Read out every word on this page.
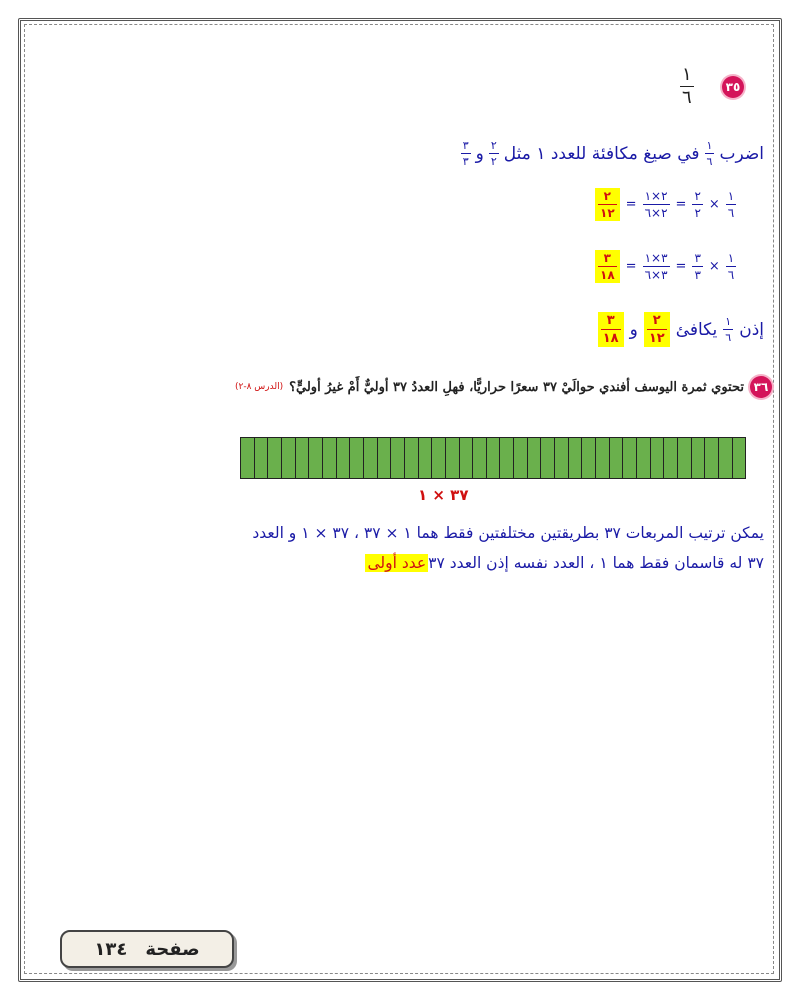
٣٥
$\frac{١}{٦}$
اضرب
$\frac{١}{٦}$
في صيغ مكافئة للعدد ١ مثل
$\frac{٢}{٢}$
و
$\frac{٣}{٣}$
$\frac{٢}{١٢} = \frac{٢\times ١}{٢\times ٦} = \frac{٢}{٢} \times \frac{١}{٦}$
$\frac{٣}{١٨} = \frac{٣\times ١}{٣\times ٦} = \frac{٣}{٣} \times \frac{١}{٦}$
إذن
$\frac{١}{٦}$
يكافئ
$\frac{٢}{١٢}$
و
$\frac{٣}{١٨}$
٣٦
تحتوي ثمرة اليوسف أفندي حوالَيْ ٣٧ سعرًا حراريًّا، فهلِ العددُ ٣٧ أوليٌّ أَمْ غيرُ أوليٍّ؟
(الدرس ٨-٢)
٣٧ × ١
يمكن ترتيب المربعات ٣٧ بطريقتين مختلفتين فقط هما ١ × ٣٧ ، ٣٧ × ١ و العدد
٣٧ له قاسمان فقط هما ١ ، العدد نفسه إذن العدد ٣٧عدد أولى
صفحة
١٣٤
